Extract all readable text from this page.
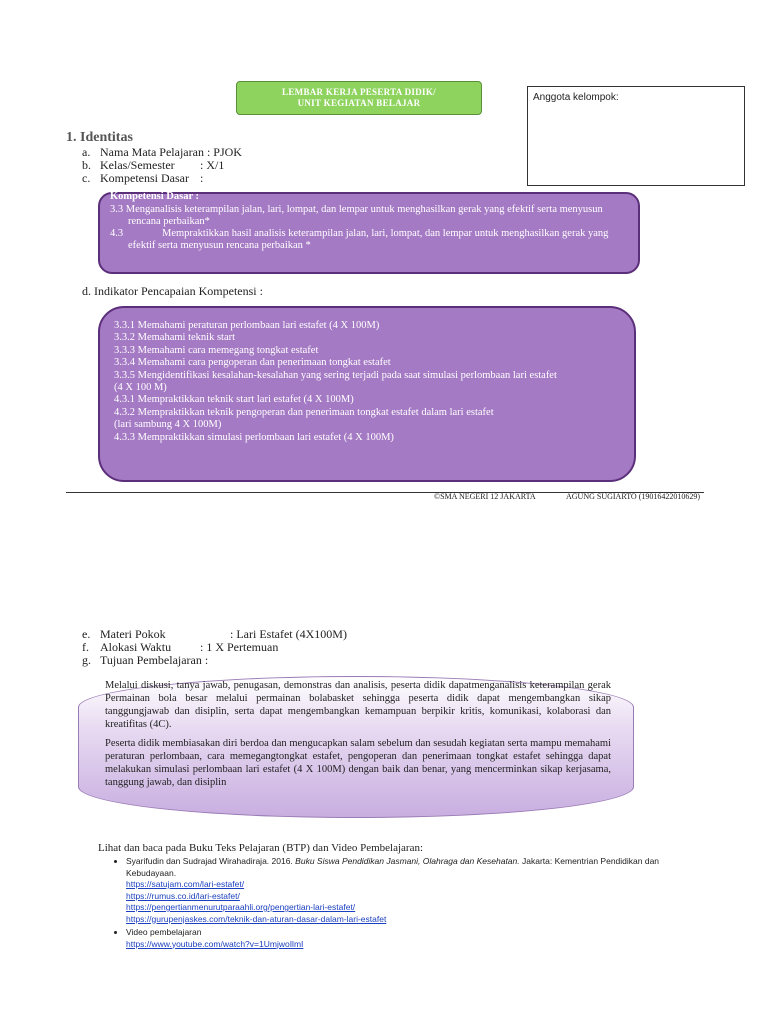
LEMBAR KERJA PESERTA DIDIK/
UNIT KEGIATAN BELAJAR	Anggota kelompok:
1. Identitas
a. Nama Mata Pelajaran : PJOK
b. Kelas/Semester : X/1
c. Kompetensi Dasar :
Kompetensi Dasar :
3.3 Menganalisis keterampilan jalan, lari, lompat, dan lempar untuk menghasilkan gerak yang efektif serta menyusun
rencana perbaikan*
4.3	Mempraktikkan hasil analisis keterampilan jalan, lari, lompat, dan lempar untuk menghasilkan gerak yang
efektif serta menyusun rencana perbaikan *
d. Indikator Pencapaian Kompetensi :
3.3.1 Memahami peraturan perlombaan lari estafet (4 X 100M)
3.3.2 Memahami teknik start
3.3.3 Memahami cara memegang tongkat estafet
3.3.4 Memahami cara pengoperan dan penerimaan tongkat estafet
3.3.5 Mengidentifikasi kesalahan-kesalahan yang sering terjadi pada saat simulasi perlombaan lari estafet
(4 X 100 M)
4.3.1 Mempraktikkan teknik start lari estafet (4 X 100M)
4.3.2 Mempraktikkan teknik pengoperan dan penerimaan tongkat estafet dalam lari estafet
(lari sambung 4 X 100M)
4.3.3 Mempraktikkan simulasi perlombaan lari estafet (4 X 100M)
©SMA NEGERI 12 JAKARTA	AGUNG SUGIARTO (19016422010629)
e. Materi Pokok	: Lari Estafet (4X100M)
f. Alokasi Waktu : 1 X Pertemuan
g. Tujuan Pembelajaran :

Melalui diskusi, tanya jawab, penugasan, demonstras dan analisis, peserta didik dapatmenganalisis keterampilan gerak Permainan bola besar melalui permainan bolabasket sehingga peserta didik dapat mengembangkan sikap tanggungjawab dan disiplin, serta dapat mengembangkan kemampuan berpikir kritis, komunikasi, kolaborasi dan kreatifitas (4C).

Peserta didik membiasakan diri berdoa dan mengucapkan salam sebelum dan sesudah kegiatan serta mampu memahami peraturan perlombaan, cara memegangtongkat estafet, pengoperan dan penerimaan tongkat estafet sehingga dapat melakukan simulasi perlombaan lari estafet (4 X 100M) dengan baik dan benar, yang mencerminkan sikap kerjasama, tanggung jawab, dan disiplin

Lihat dan baca pada Buku Teks Pelajaran (BTP) dan Video Pembelajaran:
• Syarifudin dan Sudrajad Wirahadiraja. 2016. Buku Siswa Pendidikan Jasmani, Olahraga dan Kesehatan. Jakarta: Kementrian Pendidikan dan Kebudayaan.
https://satujam.com/lari-estafet/
https://rumus.co.id/lari-estafet/
https://pengertianmenurutparaahli.org/pengertian-lari-estafet/
https://gurupenjaskes.com/teknik-dan-aturan-dasar-dalam-lari-estafet
• Video pembelajaran
https://www.youtube.com/watch?v=1UmjwoIlmI
